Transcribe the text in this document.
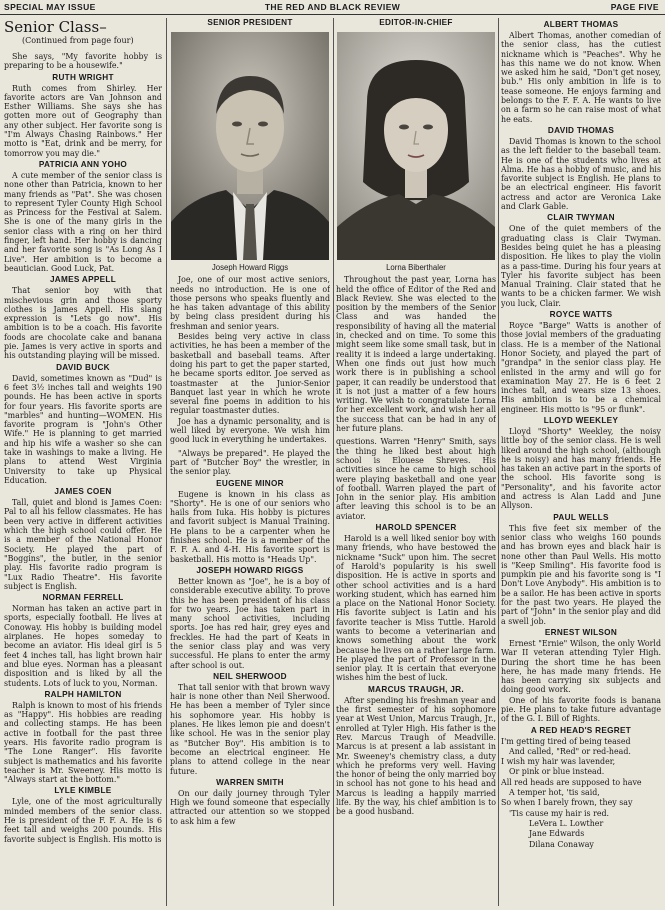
THE RED AND BLACK REVIEW
SPECIAL MAY ISSUE	PAGE FIVE
Senior Class–

(Continued from page four)

She says, "My favorite hobby is preparing to be a housewife."

RUTH WRIGHT

Ruth comes from Shirley. Her favorite actors are Van Johnson and Esther Williams. She says she has gotten more out of Geography than any other subject. Her favorite song is "I'm Always Chasing Rainbows." Her motto is "Eat, drink and be merry, for tomorrow you may die."

PATRICIA ANN YOHO

A cute member of the senior class is none other than Patricia, known to her many friends as "Pat". She was chosen to represent Tyler County High School as Princess for the Festival at Salem. She is one of the many girls in the senior class with a ring on her third finger, left hand. Her hobby is dancing and her favorite song is "As Long As I Live". Her ambition is to become a beautician. Good Luck, Pat.

JAMES APPELL

That senior boy with that mischevious grin and those sporty clothes is James Appell. His slang expression is "Lets go now". His ambition is to be a coach. His favorite foods are chocolate cake and banana pie. James is very active in sports and his outstanding playing will be missed.

DAVID BUCK

David, sometimes known as "Dud" is 6 feet 3½ inches tall and weights 190 pounds. He has been active in sports for four years. His favorite sports are "marbles" and hunting—WOMEN. His favorite program is "John's Other Wife." He is planning to get married and hip his wife a washer so she can take in washings to make a living. He plans to attend West Virginia University to take up Physical Education.

JAMES COEN

Tall, quiet and blond is James Coen: Pal to all his fellow classmates. He has been very active in different activities which the high school could offer. He is a member of the National Honor Society. He played the part of "Boggins", the butler, in the senior play. His favorite radio program is "Lux Radio Theatre". His favorite subject is English.

NORMAN FERRELL

Norman has taken an active part in sports, especially football. He lives at Conoway. His hobby is building model airplanes. He hopes someday to become an aviator. His ideal girl is 5 feet 4 inches tall, has light brown hair and blue eyes. Norman has a pleasant disposition and is liked by all the students. Lots of luck to you, Norman.

RALPH HAMILTON

Ralph is known to most of his friends as "Happy". His hobbies are reading and collecting stamps. He has been active in football for the past three years. His favorite radio program is "The Lone Ranger". His favorite subject is mathematics and his favorite teacher is Mr. Sweeney. His motto is "Always start at the bottom."

LYLE KIMBLE

Lyle, one of the most agriculturally minded members of the senior class. He is president of the F. F. A. He is 6 feet tall and weighs 200 pounds. His favorite subject is English. His motto is

SENIOR PRESIDENT
Joseph Howard Riggs

Joe, one of our most active seniors, needs no introduction. He is one of those persons who speaks fluently and he has taken advantage of this ability by being class president during his freshman and senior years.

Besides being very active in class activities, he has been a member of the basketball and baseball teams. After doing his part to get the paper started, he became sports editor. Joe served as toastmaster at the Junior-Senior Banquet last year in which he wrote several fine poems in addition to his regular toastmaster duties.

Joe has a dynamic personality, and is well liked by everyone. We wish him good luck in everything he undertakes.

"Always be prepared". He played the part of "Butcher Boy" the wrestler, in the senior play.

EUGENE MINOR

Eugene is known in his class as "Shorty". He is one of our seniors who hails from Iuka. His hobby is pictures and favorit subject is Manual Training. He plans to be a carpenter when he finishes school. He is a member of the F. F. A. and 4-H. His favorite sport is basketball. His motto is "Heads Up".

JOSEPH HOWARD RIGGS

Better known as "Joe", he is a boy of considerable executive ability. To prove this he has been president of his class for two years. Joe has taken part in many school activities, including sports. Joe has red hair, grey eyes and freckles. He had the part of Keats in the senior class play and was very successful. He plans to enter the army after school is out.

NEIL SHERWOOD

That tall senior with that brown wavy hair is none other than Neil Sherwood. He has been a member of Tyler since his sophomore year. His hobby is planes. He likes lemon pie and doesn't like school. He was in the senior play as "Butcher Boy". His ambition is to become an electrical engineer. He plans to attend college in the near future.

WARREN SMITH

On our daily journey through Tyler High we found someone that especially attracted our attention so we stopped to ask him a few

EDITOR-IN-CHIEF
Lorna Biberthaler

Throughout the past year, Lorna has held the office of Editor of the Red and Black Review. She was elected to the position by the members of the Senior Class and was handed the responsibility of having all the material in, checked and on time. To some this might seem like some small task, but in reality it is indeed a large undertaking. When one finds out just how much work there is in publishing a school paper, it can readily be understood that it is not just a matter of a few hours writing. We wish to congratulate Lorna for her excellent work, and wish her all the success that can be had in any of her future plans.

questions. Warren "Henry" Smith, says the thing he liked best about high school is Elouese Shreves. His activities since he came to high school were playing basketball and one year of football. Warren played the part of John in the senior play. His ambition after leaving this school is to be an aviator.

HAROLD SPENCER

Harold is a well liked senior boy with many friends, who have bestowed the nickname "Suck" upon him. The secret of Harold's popularity is his swell disposition. He is active in sports and other school activities and is a hard working student, which has earned him a place on the National Honor Society. His favorite subject is Latin and his favorite teacher is Miss Tuttle. Harold wants to become a veterinarian and knows something about the work because he lives on a rather large farm. He played the part of Professor in the senior play. It is certain that everyone wishes him the best of luck.

MARCUS TRAUGH, JR.

After spending his freshman year and the first semester of his sophomore year at West Union, Marcus Traugh, Jr., enrolled at Tyler High. His father is the Rev. Marcus Traugh of Meadville. Marcus is at present a lab assistant in Mr. Sweeney's chemistry class, a duty which he preforms very well. Having the honor of being the only married boy in school has not gone to his head and Marcus is leading a happily married life. By the way, his chief ambition is to be a good husband.

ALBERT THOMAS

Albert Thomas, another comedian of the senior class, has the cutiest nickname which is "Peaches". Why he has this name we do not know. When we asked him he said, "Don't get nosey, bub." His only ambition in life is to tease someone. He enjoys farming and belongs to the F. F. A. He wants to live on a farm so he can raise most of what he eats.

DAVID THOMAS

David Thomas is known to the school as the left fielder to the baseball team. He is one of the students who lives at Alma. He has a hobby of music, and his favorite subject is English. He plans to be an electrical engineer. His favorit actress and actor are Veronica Lake and Clark Gable.

CLAIR TWYMAN

One of the quiet members of the graduating class is Clair Twyman. Besides being quiet he has a pleasing disposition. He likes to play the violin as a pass-time. During his four years at Tyler his favorite subject has been Manual Training. Clair stated that he wants to be a chicken farmer. We wish you luck, Clair.

ROYCE WATTS

Royce "Barge" Watts is another of those jovial members of the graduating class. He is a member of the National Honor Society, and played the part of "grandpa" in the senior class play. He enlisted in the army and will go for examination May 27. He is 6 feet 2 inches tall, and wears size 13 shoes. His ambition is to be a chemical engineer. His motto is "95 or flunk".

LLOYD WEEKLEY

Lloyd "Shorty" Weekley, the noisy little boy of the senior class. He is well liked around the high school, (although he is noisy) and has many friends. He has taken an active part in the sports of the school. His favorite song is "Personality", and his favorite actor and actress is Alan Ladd and June Allyson.

PAUL WELLS

This five feet six member of the senior class who weighs 160 pounds and has brown eyes and black hair is none other than Paul Wells. His motto is "Keep Smiling". His favorite food is pumpkin pie and his favorite song is "I Don't Love Anybody". His ambition is to be a sailor. He has been active in sports for the past two years. He played the part of "John" in the senior play and did a swell job.

ERNEST WILSON

Ernest "Ernie" Wilson, the only World War II veteran attending Tyler High. During the short time he has been here, he has made many friends. He has been carrying six subjects and doing good work.

One of his favorite foods is banana pie. He plans to take future advantage of the G. I. Bill of Rights.

A RED HEAD'S REGRET

I'm getting tired of being teased

And called, "Red" or red-head.

I wish my hair was lavender,

Or pink or blue instead.

All red heads are supposed to have

A temper hot, 'tis said,

So when I barely frown, they say

'Tis cause my hair is red.

LeVera L. Lowther

Jane Edwards

Dilana Conaway
